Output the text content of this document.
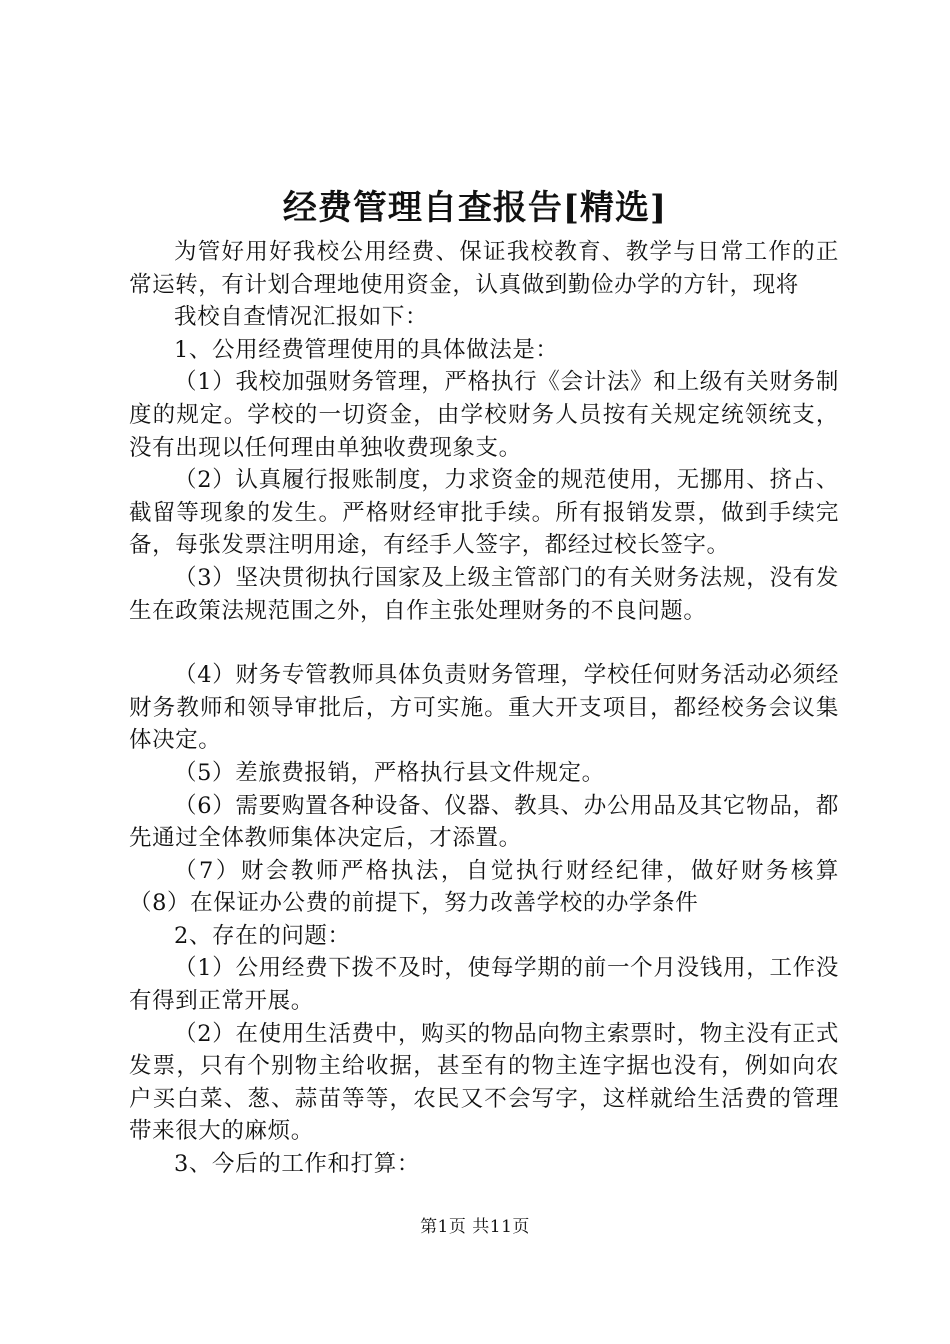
经费管理自查报告[精选]

为管好用好我校公用经费、保证我校教育、教学与日常工作的正常运转，有计划合理地使用资金，认真做到勤俭办学的方针，现将

我校自查情况汇报如下：

1、公用经费管理使用的具体做法是：

（1）我校加强财务管理，严格执行《会计法》和上级有关财务制度的规定。学校的一切资金，由学校财务人员按有关规定统领统支，没有出现以任何理由单独收费现象支。

（2）认真履行报账制度，力求资金的规范使用，无挪用、挤占、截留等现象的发生。严格财经审批手续。所有报销发票，做到手续完备，每张发票注明用途，有经手人签字，都经过校长签字。

（3）坚决贯彻执行国家及上级主管部门的有关财务法规，没有发生在政策法规范围之外，自作主张处理财务的不良问题。

（4）财务专管教师具体负责财务管理，学校任何财务活动必须经财务教师和领导审批后，方可实施。重大开支项目，都经校务会议集体决定。

（5）差旅费报销，严格执行县文件规定。

（6）需要购置各种设备、仪器、教具、办公用品及其它物品，都先通过全体教师集体决定后，才添置。

（7）财会教师严格执法，自觉执行财经纪律，做好财务核算（8）在保证办公费的前提下，努力改善学校的办学条件

2、存在的问题：

（1）公用经费下拨不及时，使每学期的前一个月没钱用，工作没有得到正常开展。

（2）在使用生活费中，购买的物品向物主索票时，物主没有正式发票，只有个别物主给收据，甚至有的物主连字据也没有，例如向农户买白菜、葱、蒜苗等等，农民又不会写字，这样就给生活费的管理带来很大的麻烦。

3、今后的工作和打算：

第1页 共11页
